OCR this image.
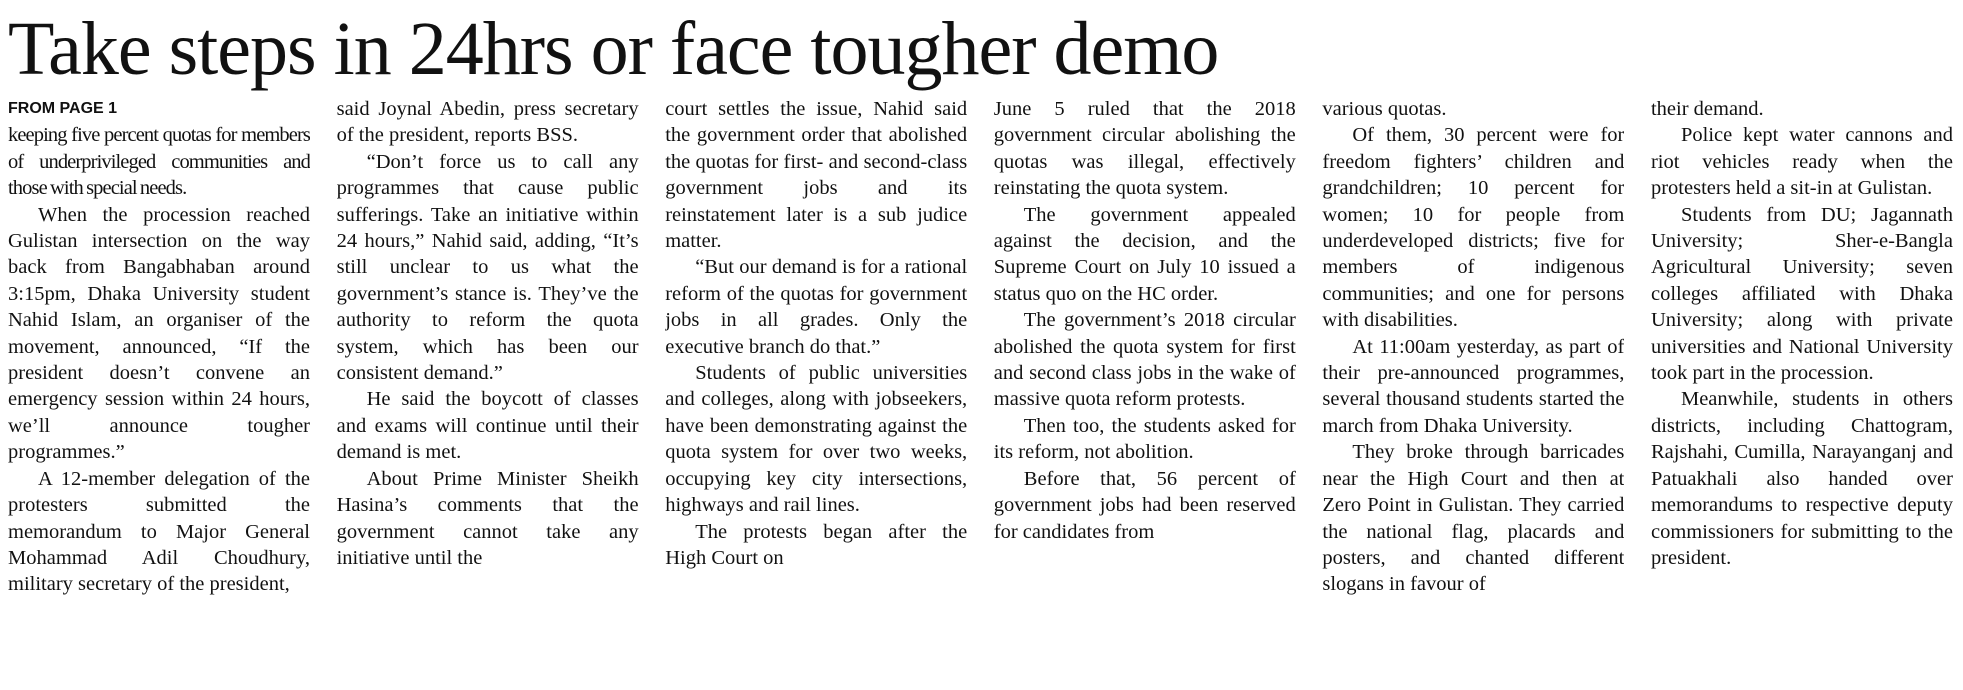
Take steps in 24hrs or face tougher demo
FROM PAGE 1

keeping five percent quotas for members of underprivileged communities and those with special needs.

When the procession reached Gulistan intersection on the way back from Bangabhaban around 3:15pm, Dhaka University student Nahid Islam, an organiser of the movement, announced, “If the president doesn’t convene an emergency session within 24 hours, we’ll announce tougher programmes.”

A 12-member delegation of the protesters submitted the memorandum to Major General Mohammad Adil Choudhury, military secretary of the president,

said Joynal Abedin, press secretary of the president, reports BSS.

“Don’t force us to call any programmes that cause public sufferings. Take an initiative within 24 hours,” Nahid said, adding, “It’s still unclear to us what the government’s stance is. They’ve the authority to reform the quota system, which has been our consistent demand.”

He said the boycott of classes and exams will continue until their demand is met.

About Prime Minister Sheikh Hasina’s comments that the government cannot take any initiative until the

court settles the issue, Nahid said the government order that abolished the quotas for first- and second-class government jobs and its reinstatement later is a sub judice matter.

“But our demand is for a rational reform of the quotas for government jobs in all grades. Only the executive branch do that.”

Students of public universities and colleges, along with jobseekers, have been demonstrating against the quota system for over two weeks, occupying key city intersections, highways and rail lines.

The protests began after the High Court on

June 5 ruled that the 2018 government circular abolishing the quotas was illegal, effectively reinstating the quota system.

The government appealed against the decision, and the Supreme Court on July 10 issued a status quo on the HC order.

The government’s 2018 circular abolished the quota system for first and second class jobs in the wake of massive quota reform protests.

Then too, the students asked for its reform, not abolition.

Before that, 56 percent of government jobs had been reserved for candidates from

various quotas.

Of them, 30 percent were for freedom fighters’ children and grandchildren; 10 percent for women; 10 for people from underdeveloped districts; five for members of indigenous communities; and one for persons with disabilities.

At 11:00am yesterday, as part of their pre-announced programmes, several thousand students started the march from Dhaka University.

They broke through barricades near the High Court and then at Zero Point in Gulistan. They carried the national flag, placards and posters, and chanted different slogans in favour of

their demand.

Police kept water cannons and riot vehicles ready when the protesters held a sit-in at Gulistan.

Students from DU; Jagannath University; Sher-e-Bangla Agricultural University; seven colleges affiliated with Dhaka University; along with private universities and National University took part in the procession.

Meanwhile, students in others districts, including Chattogram, Rajshahi, Cumilla, Narayanganj and Patuakhali also handed over memorandums to respective deputy commissioners for submitting to the president.
